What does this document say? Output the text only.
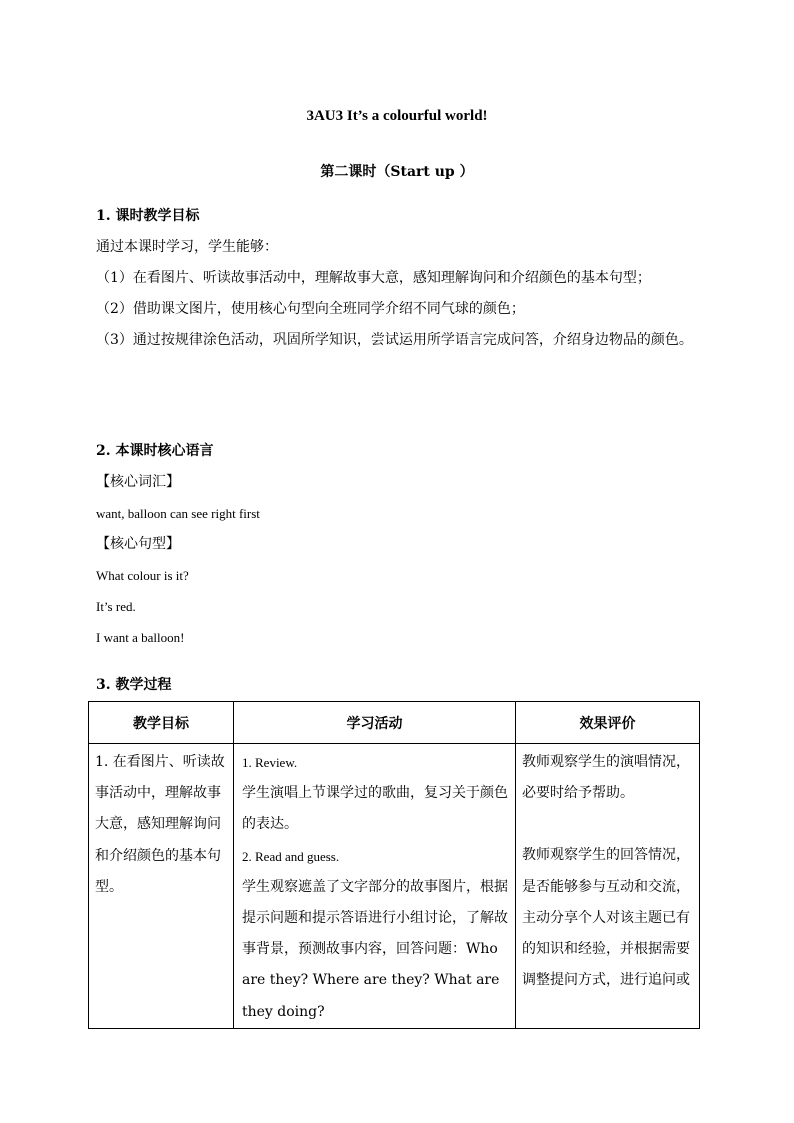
3AU3 It’s a colourful world!
第二课时（Start up ）
1. 课时教学目标
通过本课时学习，学生能够：
（1）在看图片、听读故事活动中，理解故事大意，感知理解询问和介绍颜色的基本句型；
（2）借助课文图片，使用核心句型向全班同学介绍不同气球的颜色；
（3）通过按规律涂色活动，巩固所学知识，尝试运用所学语言完成问答，介绍身边物品的颜色。
2. 本课时核心语言
【核心词汇】
want, balloon can see right first
【核心句型】
What colour is it?
It’s red.
I want a balloon!
3. 教学过程
教学目标	学习活动	效果评价

1. 在看图片、听读故事活动中，理解故事大意，感知理解询问和介绍颜色的基本句型。	1. Review.
学生演唱上节课学过的歌曲，复习关于颜色的表达。
2. Read and guess.
学生观察遮盖了文字部分的故事图片，根据提示问题和提示答语进行小组讨论，了解故事背景，预测故事内容，回答问题：Who are they? Where are they? What are they doing?	教师观察学生的演唱情况，必要时给予帮助。
教师观察学生的回答情况，是否能够参与互动和交流，主动分享个人对该主题已有的知识和经验，并根据需要调整提问方式，进行追问或
